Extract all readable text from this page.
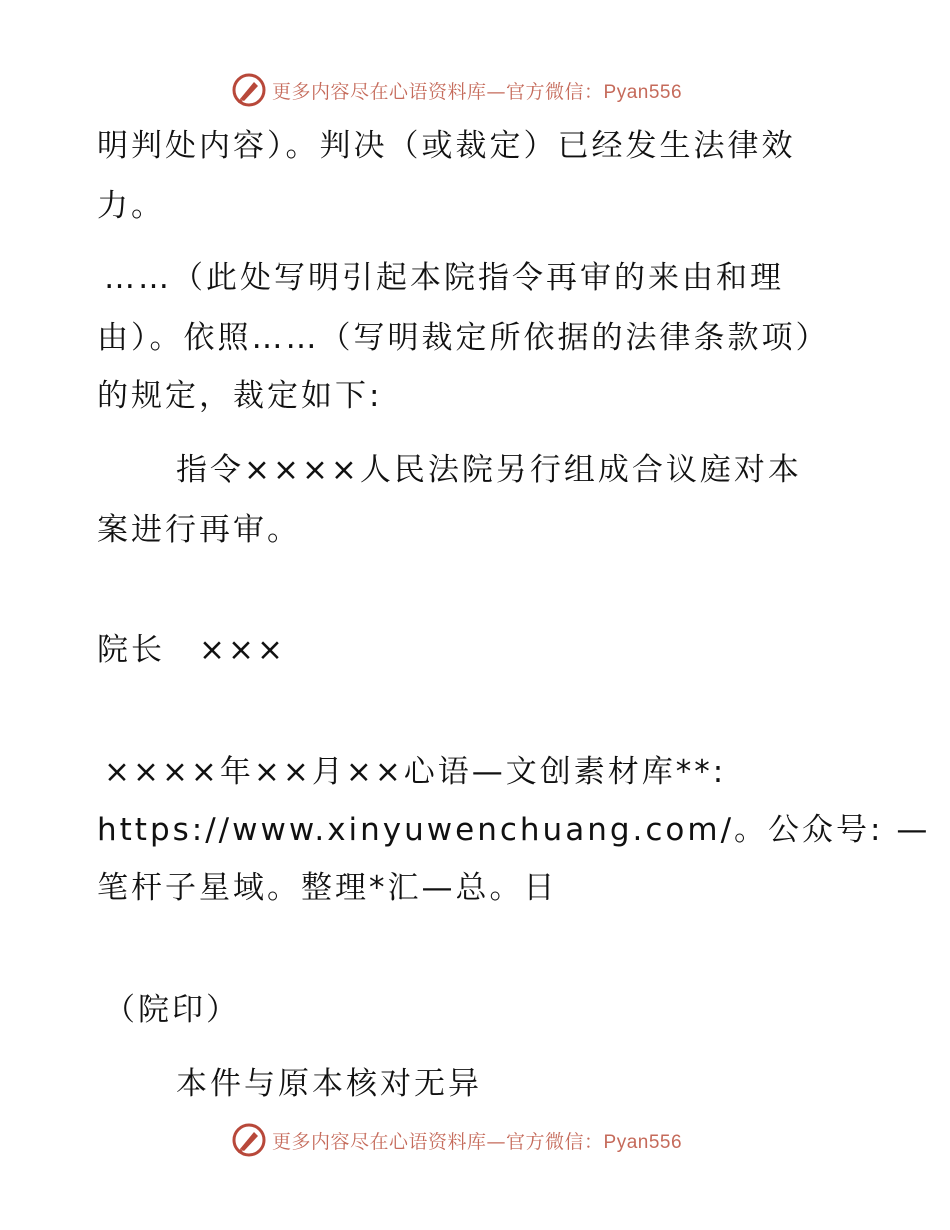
更多内容尽在心语资料库—官方微信：Pyan556
明判处内容）。判决（或裁定）已经发生法律效
力。
……（此处写明引起本院指令再审的来由和理
由）。依照……（写明裁定所依据的法律条款项）
的规定，裁定如下:
指令××××人民法院另行组成合议庭对本
案进行再审。
院长　×××
××××年××月××心语—文创素材库**:
https://www.xinyuwenchuang.com/。公众号: —
笔杆子星域。整理*汇—总。日
（院印）
本件与原本核对无异
更多内容尽在心语资料库—官方微信：Pyan556
